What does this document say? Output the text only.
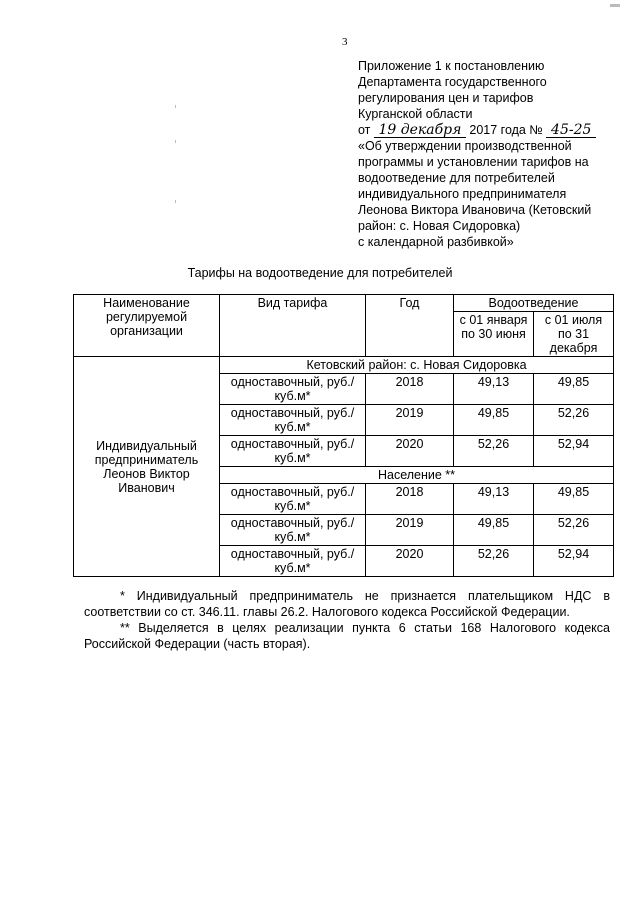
3
Приложение 1 к постановлению
Департамента государственного
регулирования цен и тарифов
Курганской области
от 19 декабря 2017 года № 45-25
«Об утверждении производственной
программы и установлении тарифов на
водоотведение для потребителей
индивидуального предпринимателя
Леонова Виктора Ивановича (Кетовский
район: с. Новая Сидоровка)
с календарной разбивкой»
Тарифы на водоотведение для потребителей
Наименование регулируемой организации	Вид тарифа	Год	Водоотведение	
			с 01 января по 30 июня	с 01 июля по 31 декабря
Индивидуальный предприниматель Леонов Виктор Иванович	Кетовский район: с. Новая Сидоровка			
	одноставочный, руб./куб.м*	2018	49,13	49,85
	одноставочный, руб./куб.м*	2019	49,85	52,26
	одноставочный, руб./куб.м*	2020	52,26	52,94
	Население **			
	одноставочный, руб./куб.м*	2018	49,13	49,85
	одноставочный, руб./куб.м*	2019	49,85	52,26
	одноставочный, руб./куб.м*	2020	52,26	52,94

* Индивидуальный предприниматель не признается плательщиком НДС в соответствии со ст. 346.11. главы 26.2. Налогового кодекса Российской Федерации.

** Выделяется в целях реализации пункта 6 статьи 168 Налогового кодекса Российской Федерации (часть вторая).
